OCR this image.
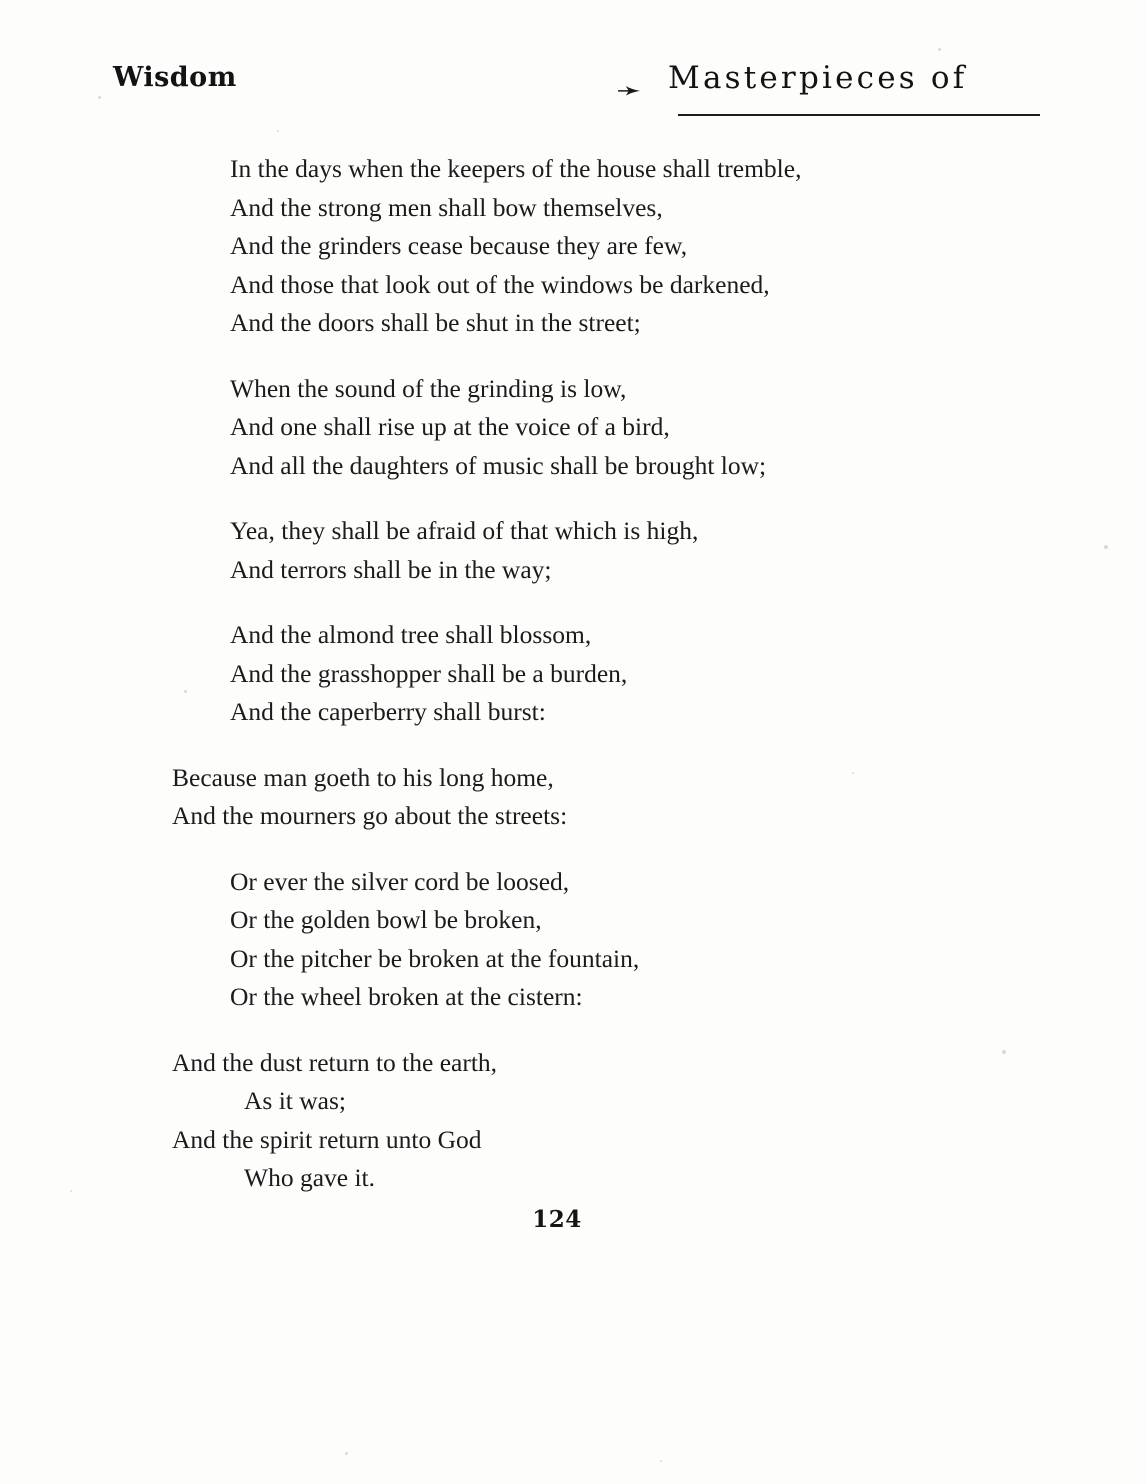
Wisdom	➛ Masterpieces of
In the days when the keepers of the house shall tremble,
And the strong men shall bow themselves,
And the grinders cease because they are few,
And those that look out of the windows be darkened,
And the doors shall be shut in the street;
When the sound of the grinding is low,
And one shall rise up at the voice of a bird,
And all the daughters of music shall be brought low;
Yea, they shall be afraid of that which is high,
And terrors shall be in the way;
And the almond tree shall blossom,
And the grasshopper shall be a burden,
And the caperberry shall burst:
Because man goeth to his long home,
And the mourners go about the streets:
Or ever the silver cord be loosed,
Or the golden bowl be broken,
Or the pitcher be broken at the fountain,
Or the wheel broken at the cistern:
And the dust return to the earth,
As it was;
And the spirit return unto God
Who gave it.
124
